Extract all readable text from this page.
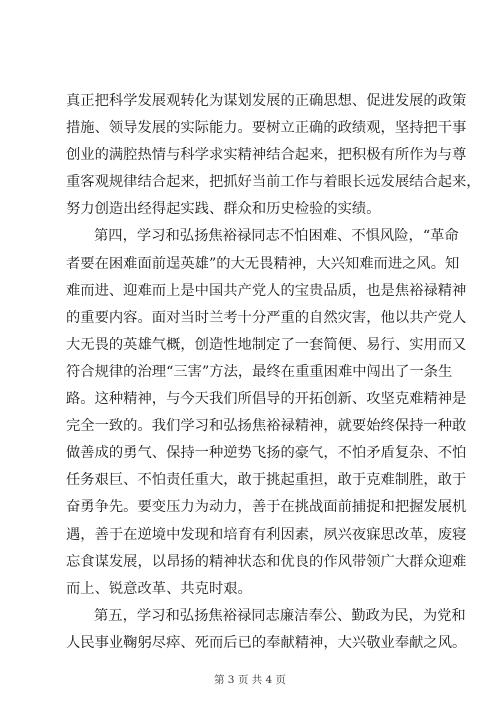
真正把科学发展观转化为谋划发展的正确思想、促进发展的政策
措施、领导发展的实际能力。要树立正确的政绩观，坚持把干事
创业的满腔热情与科学求实精神结合起来，把积极有所作为与尊
重客观规律结合起来，把抓好当前工作与着眼长远发展结合起来，
努力创造出经得起实践、群众和历史检验的实绩。
第四，学习和弘扬焦裕禄同志不怕困难、不惧风险，“革命
者要在困难面前逞英雄”的大无畏精神，大兴知难而进之风。知
难而进、迎难而上是中国共产党人的宝贵品质，也是焦裕禄精神
的重要内容。面对当时兰考十分严重的自然灾害，他以共产党人
大无畏的英雄气概，创造性地制定了一套简便、易行、实用而又
符合规律的治理“三害”方法，最终在重重困难中闯出了一条生
路。这种精神，与今天我们所倡导的开拓创新、攻坚克难精神是
完全一致的。我们学习和弘扬焦裕禄精神，就要始终保持一种敢
做善成的勇气、保持一种逆势飞扬的豪气，不怕矛盾复杂、不怕
任务艰巨、不怕责任重大，敢于挑起重担，敢于克难制胜，敢于
奋勇争先。要变压力为动力，善于在挑战面前捕捉和把握发展机
遇，善于在逆境中发现和培育有利因素，夙兴夜寐思改革，废寝
忘食谋发展，以昂扬的精神状态和优良的作风带领广大群众迎难
而上、锐意改革、共克时艰。
第五，学习和弘扬焦裕禄同志廉洁奉公、勤政为民，为党和
人民事业鞠躬尽瘁、死而后已的奉献精神，大兴敬业奉献之风。
第 3 页 共 4 页
